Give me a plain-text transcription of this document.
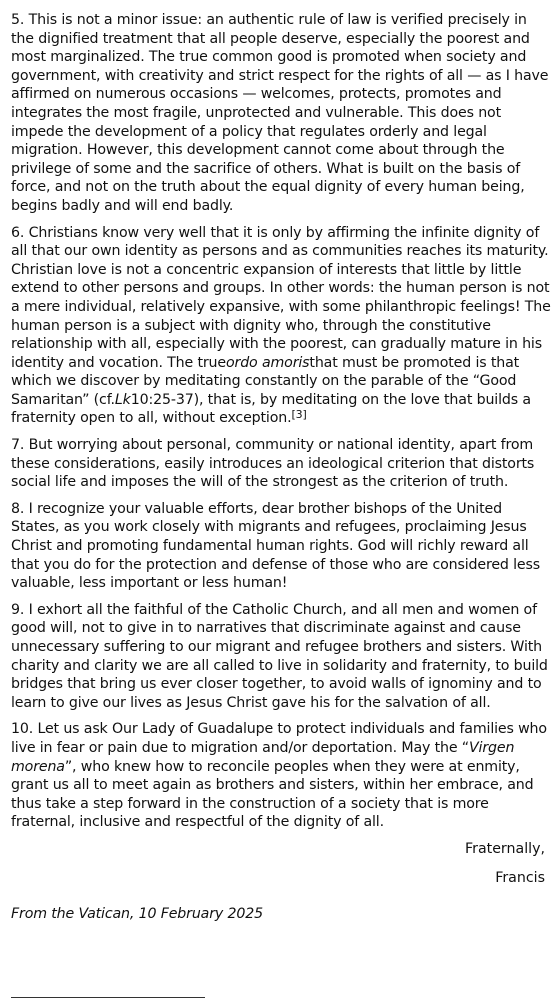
5. This is not a minor issue: an authentic rule of law is verified precisely in the dignified treatment that all people deserve, especially the poorest and most marginalized. The true common good is promoted when society and government, with creativity and strict respect for the rights of all — as I have affirmed on numerous occasions — welcomes, protects, promotes and integrates the most fragile, unprotected and vulnerable. This does not impede the development of a policy that regulates orderly and legal migration. However, this development cannot come about through the privilege of some and the sacrifice of others. What is built on the basis of force, and not on the truth about the equal dignity of every human being, begins badly and will end badly.

6. Christians know very well that it is only by affirming the infinite dignity of all that our own identity as persons and as communities reaches its maturity. Christian love is not a concentric expansion of interests that little by little extend to other persons and groups. In other words: the human person is not a mere individual, relatively expansive, with some philanthropic feelings! The human person is a subject with dignity who, through the constitutive relationship with all, especially with the poorest, can gradually mature in his identity and vocation. The trueordo amoristhat must be promoted is that which we discover by meditating constantly on the parable of the “Good Samaritan” (cf.Lk10:25-37), that is, by meditating on the love that builds a fraternity open to all, without exception.[3]

7. But worrying about personal, community or national identity, apart from these considerations, easily introduces an ideological criterion that distorts social life and imposes the will of the strongest as the criterion of truth.

8. I recognize your valuable efforts, dear brother bishops of the United States, as you work closely with migrants and refugees, proclaiming Jesus Christ and promoting fundamental human rights. God will richly reward all that you do for the protection and defense of those who are considered less valuable, less important or less human!

9. I exhort all the faithful of the Catholic Church, and all men and women of good will, not to give in to narratives that discriminate against and cause unnecessary suffering to our migrant and refugee brothers and sisters. With charity and clarity we are all called to live in solidarity and fraternity, to build bridges that bring us ever closer together, to avoid walls of ignominy and to learn to give our lives as Jesus Christ gave his for the salvation of all.

10. Let us ask Our Lady of Guadalupe to protect individuals and families who live in fear or pain due to migration and/or deportation. May the “Virgen morena”, who knew how to reconcile peoples when they were at enmity, grant us all to meet again as brothers and sisters, within her embrace, and thus take a step forward in the construction of a society that is more fraternal, inclusive and respectful of the dignity of all.

Fraternally,

Francis

From the Vatican, 10 February 2025
